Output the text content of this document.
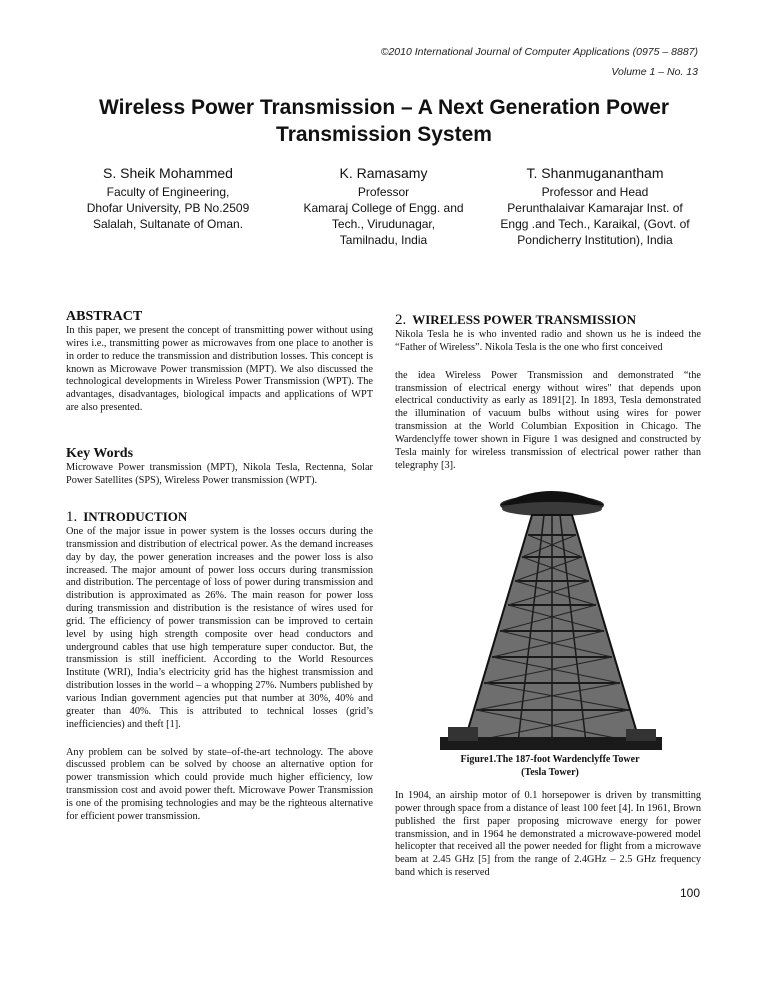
©2010 International Journal of Computer Applications (0975 – 8887)
Volume 1 – No. 13
Wireless Power Transmission – A Next Generation Power Transmission System
S. Sheik Mohammed
Faculty of Engineering,
Dhofar University, PB No.2509
Salalah, Sultanate of Oman.
K. Ramasamy
Professor
Kamaraj College of Engg. and
Tech., Virudunagar,
Tamilnadu, India
T. Shanmuganantham
Professor and Head
Perunthalaivar Kamarajar Inst. of
Engg .and Tech., Karaikal, (Govt. of
Pondicherry Institution), India
ABSTRACT

In this paper, we present the concept of transmitting power without using wires i.e., transmitting power as microwaves from one place to another is in order to reduce the transmission and distribution losses. This concept is known as Microwave Power transmission (MPT). We also discussed the technological developments in Wireless Power Transmission (WPT). The advantages, disadvantages, biological impacts and applications of WPT are also presented.

Key Words

Microwave Power transmission (MPT), Nikola Tesla, Rectenna, Solar Power Satellites (SPS), Wireless Power transmission (WPT).

1. INTRODUCTION

One of the major issue in power system is the losses occurs during the transmission and distribution of electrical power. As the demand increases day by day, the power generation increases and the power loss is also increased. The major amount of power loss occurs during transmission and distribution. The percentage of loss of power during transmission and distribution is approximated as 26%. The main reason for power loss during transmission and distribution is the resistance of wires used for grid. The efficiency of power transmission can be improved to certain level by using high strength composite over head conductors and underground cables that use high temperature super conductor. But, the transmission is still inefficient. According to the World Resources Institute (WRI), India’s electricity grid has the highest transmission and distribution losses in the world – a whopping 27%. Numbers published by various Indian government agencies put that number at 30%, 40% and greater than 40%. This is attributed to technical losses (grid’s inefficiencies) and theft [1].

Any problem can be solved by state–of-the-art technology. The above discussed problem can be solved by choose an alternative option for power transmission which could provide much higher efficiency, low transmission cost and avoid power theft. Microwave Power Transmission is one of the promising technologies and may be the righteous alternative for efficient power transmission.

2. WIRELESS POWER TRANSMISSION

Nikola Tesla he is who invented radio and shown us he is indeed the “Father of Wireless”. Nikola Tesla is the one who first conceived

the idea Wireless Power Transmission and demonstrated “the transmission of electrical energy without wires" that depends upon electrical conductivity as early as 1891[2]. In 1893, Tesla demonstrated the illumination of vacuum bulbs without using wires for power transmission at the World Columbian Exposition in Chicago. The Wardenclyffe tower shown in Figure 1 was designed and constructed by Tesla mainly for wireless transmission of electrical power rather than telegraphy [3].

Figure1.The 187-foot Wardenclyffe Tower
(Tesla Tower)

In 1904, an airship motor of 0.1 horsepower is driven by transmitting power through space from a distance of least 100 feet [4]. In 1961, Brown published the first paper proposing microwave energy for power transmission, and in 1964 he demonstrated a microwave-powered model helicopter that received all the power needed for flight from a microwave beam at 2.45 GHz [5] from the range of 2.4GHz – 2.5 GHz frequency band which is reserved

100
